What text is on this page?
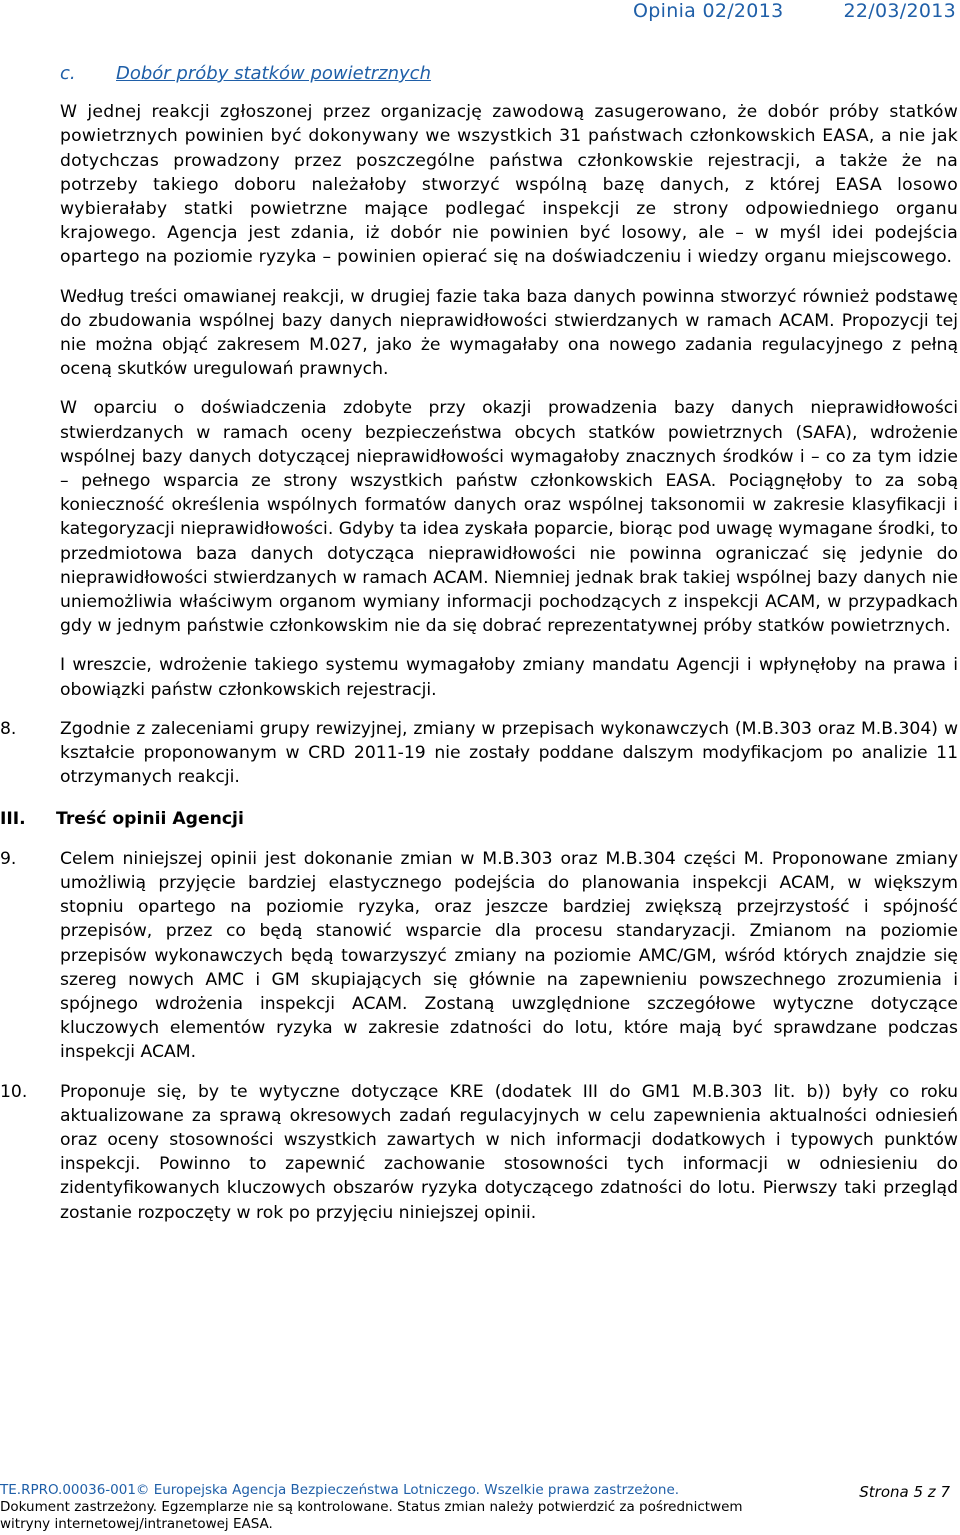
Opinia 02/2013	22/03/2013
c. Dobór próby statków powietrznych

W jednej reakcji zgłoszonej przez organizację zawodową zasugerowano, że dobór próby statków powietrznych powinien być dokonywany we wszystkich 31 państwach członkowskich EASA, a nie jak dotychczas prowadzony przez poszczególne państwa członkowskie rejestracji, a także że na potrzeby takiego doboru należałoby stworzyć wspólną bazę danych, z której EASA losowo wybierałaby statki powietrzne mające podlegać inspekcji ze strony odpowiedniego organu krajowego. Agencja jest zdania, iż dobór nie powinien być losowy, ale – w myśl idei podejścia opartego na poziomie ryzyka – powinien opierać się na doświadczeniu i wiedzy organu miejscowego.

Według treści omawianej reakcji, w drugiej fazie taka baza danych powinna stworzyć również podstawę do zbudowania wspólnej bazy danych nieprawidłowości stwierdzanych w ramach ACAM. Propozycji tej nie można objąć zakresem M.027, jako że wymagałaby ona nowego zadania regulacyjnego z pełną oceną skutków uregulowań prawnych.

W oparciu o doświadczenia zdobyte przy okazji prowadzenia bazy danych nieprawidłowości stwierdzanych w ramach oceny bezpieczeństwa obcych statków powietrznych (SAFA), wdrożenie wspólnej bazy danych dotyczącej nieprawidłowości wymagałoby znacznych środków i – co za tym idzie – pełnego wsparcia ze strony wszystkich państw członkowskich EASA. Pociągnęłoby to za sobą konieczność określenia wspólnych formatów danych oraz wspólnej taksonomii w zakresie klasyfikacji i kategoryzacji nieprawidłowości. Gdyby ta idea zyskała poparcie, biorąc pod uwagę wymagane środki, to przedmiotowa baza danych dotycząca nieprawidłowości nie powinna ograniczać się jedynie do nieprawidłowości stwierdzanych w ramach ACAM. Niemniej jednak brak takiej wspólnej bazy danych nie uniemożliwia właściwym organom wymiany informacji pochodzących z inspekcji ACAM, w przypadkach gdy w jednym państwie członkowskim nie da się dobrać reprezentatywnej próby statków powietrznych.

I wreszcie, wdrożenie takiego systemu wymagałoby zmiany mandatu Agencji i wpłynęłoby na prawa i obowiązki państw członkowskich rejestracji.

8.	Zgodnie z zaleceniami grupy rewizyjnej, zmiany w przepisach wykonawczych (M.B.303 oraz M.B.304) w kształcie proponowanym w CRD 2011-19 nie zostały poddane dalszym modyfikacjom po analizie 11 otrzymanych reakcji.
III.	Treść opinii Agencji
9.	Celem niniejszej opinii jest dokonanie zmian w M.B.303 oraz M.B.304 części M. Proponowane zmiany umożliwią przyjęcie bardziej elastycznego podejścia do planowania inspekcji ACAM, w większym stopniu opartego na poziomie ryzyka, oraz jeszcze bardziej zwiększą przejrzystość i spójność przepisów, przez co będą stanowić wsparcie dla procesu standaryzacji. Zmianom na poziomie przepisów wykonawczych będą towarzyszyć zmiany na poziomie AMC/GM, wśród których znajdzie się szereg nowych AMC i GM skupiających się głównie na zapewnieniu powszechnego zrozumienia i spójnego wdrożenia inspekcji ACAM. Zostaną uwzględnione szczegółowe wytyczne dotyczące kluczowych elementów ryzyka w zakresie zdatności do lotu, które mają być sprawdzane podczas inspekcji ACAM.
10.	Proponuje się, by te wytyczne dotyczące KRE (dodatek III do GM1 M.B.303 lit. b)) były co roku aktualizowane za sprawą okresowych zadań regulacyjnych w celu zapewnienia aktualności odniesień oraz oceny stosowności wszystkich zawartych w nich informacji dodatkowych i typowych punktów inspekcji. Powinno to zapewnić zachowanie stosowności tych informacji w odniesieniu do zidentyfikowanych kluczowych obszarów ryzyka dotyczącego zdatności do lotu. Pierwszy taki przegląd zostanie rozpoczęty w rok po przyjęciu niniejszej opinii.
TE.RPRO.00036-001© Europejska Agencja Bezpieczeństwa Lotniczego. Wszelkie prawa zastrzeżone.
Dokument zastrzeżony. Egzemplarze nie są kontrolowane. Status zmian należy potwierdzić za pośrednictwem
witryny internetowej/intranetowej EASA.
Strona 5 z 7
